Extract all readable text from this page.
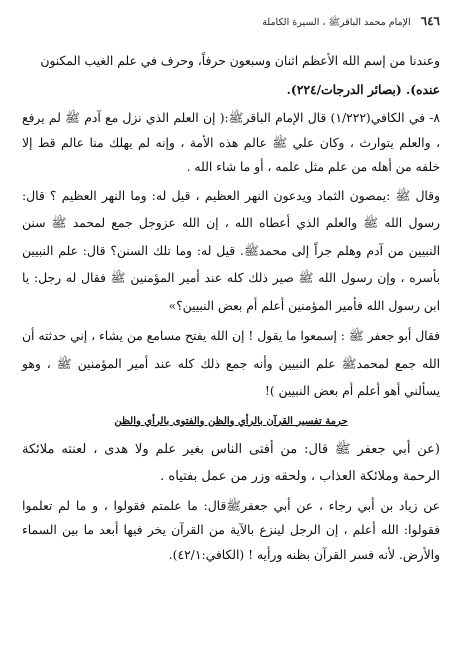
٦٤٦
الإمام محمد الباقرﷺ ، السيرة الكاملة

وعندنا من إسم الله الأعظم اثنان وسبعون حرفاً، وحرف في علم الغيب المكنون

عنده). (بصائر الدرجات/٢٢٤).

٨- في الكافي(١/٢٢٢) قال الإمام الباقرﷺ:( إن العلم الذي نزل مع آدم ﷺ لم يرفع ، والعلم يتوارث ، وكان علي ﷺ عالم هذه الأمة ، وإنه لم يهلك منا عالم قط إلا خلفه من أهله من علم مثل علمه ، أو ما شاء الله .

وقال ﷺ :يمصون الثماد ويدعون النهر العظيم ، قيل له: وما النهر العظيم ؟ قال: رسول الله ﷺ والعلم الذي أعطاه الله ، إن الله عزوجل جمع لمحمد ﷺ سنن النبيين من آدم وهلم جراً إلى محمدﷺ. قيل له: وما تلك السنن؟ قال: علم النبيين بأسره ، وإن رسول الله ﷺ صير ذلك كله عند أمير المؤمنين ﷺ فقال له رجل: يا ابن رسول الله فأمير المؤمنين أعلم أم بعض النبيين؟»

فقال أبو جعفر ﷺ : إسمعوا ما يقول ! إن الله يفتح مسامع من يشاء ، إني حدثته أن الله جمع لمحمدﷺ علم النبيين وأنه جمع ذلك كله عند أمير المؤمنين ﷺ ، وهو يسألني أهو أعلم أم بعض النبيين )!

حرمة تفسير القرآن بالرأي والظن والفتوى بالرأي والظن

(عن أبي جعفر ﷺ قال: من أفتى الناس بغير علم ولا هدى ، لعنته ملائكة الرحمة وملائكة العذاب ، ولحقه وزر من عمل بفتياه .

عن زياد بن أبي رجاء ، عن أبي جعفرﷺقال: ما علمتم فقولوا ، و ما لم تعلموا فقولوا: الله أعلم ، إن الرجل لينزع بالآية من القرآن يخر فيها أبعد ما بين السماء والأرض. لأنه فسر القرآن بظنه ورأيه ! (الكافي:٤٢/١).
